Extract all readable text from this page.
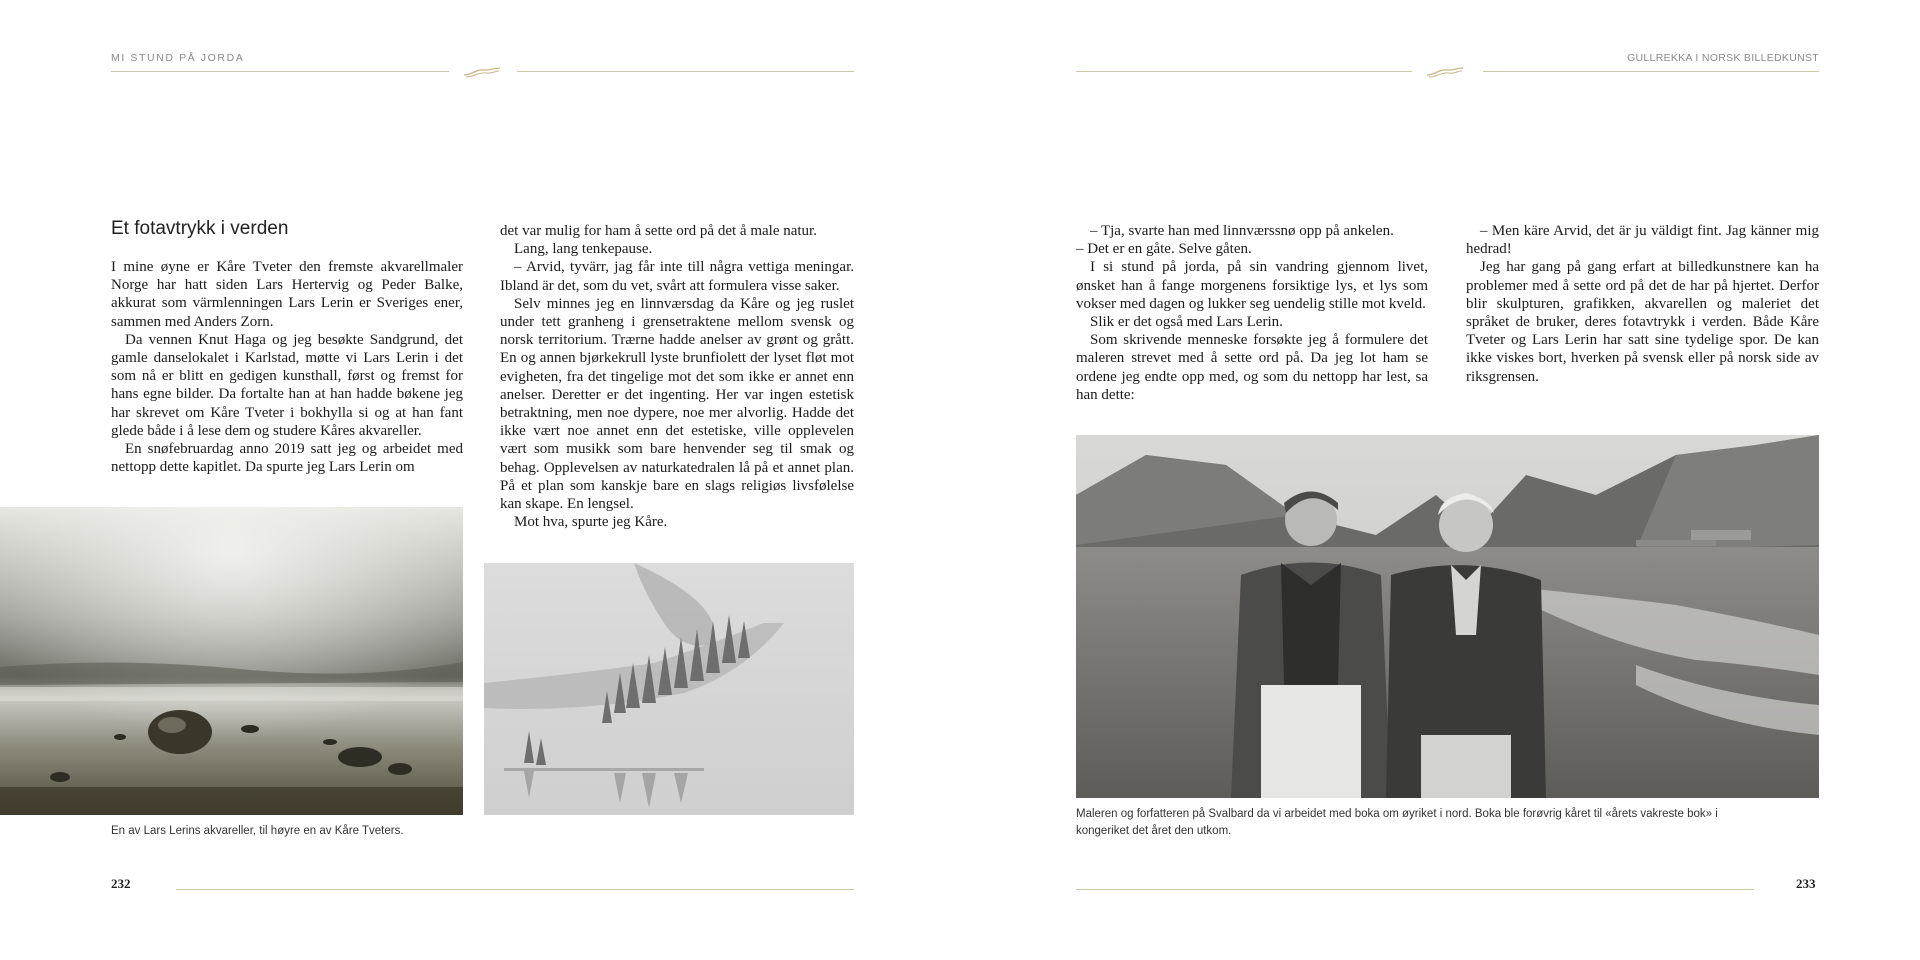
MI STUND PÅ JORDA
Et fotavtrykk i verden

I mine øyne er Kåre Tveter den fremste akvarellmaler Norge har hatt siden Lars Hertervig og Peder Balke, akkurat som värmlenningen Lars Lerin er Sveriges ener, sammen med Anders Zorn.

Da vennen Knut Haga og jeg besøkte Sandgrund, det gamle danselokalet i Karlstad, møtte vi Lars Lerin i det som nå er blitt en gedigen kunsthall, først og fremst for hans egne bilder. Da fortalte han at han hadde bøkene jeg har skrevet om Kåre Tveter i bokhylla si og at han fant glede både i å lese dem og studere Kåres akvareller.

En snøfebruardag anno 2019 satt jeg og arbeidet med nettopp dette kapitlet. Da spurte jeg Lars Lerin om

det var mulig for ham å sette ord på det å male natur.

Lang, lang tenkepause.

– Arvid, tyvärr, jag får inte till några vettiga meningar. Ibland är det, som du vet, svårt att formulera visse saker.

Selv minnes jeg en linnværsdag da Kåre og jeg ruslet under tett granheng i grensetraktene mellom svensk og norsk territorium. Trærne hadde anelser av grønt og grått. En og annen bjørkekrull lyste brunfiolett der lyset fløt mot evigheten, fra det tingelige mot det som ikke er annet enn anelser. Deretter er det ingenting. Her var ingen estetisk betraktning, men noe dypere, noe mer alvorlig. Hadde det ikke vært noe annet enn det estetiske, ville opplevelen vært som musikk som bare henvender seg til smak og behag. Opplevelsen av naturkatedralen lå på et annet plan. På et plan som kanskje bare en slags religiøs livsfølelse kan skape. En lengsel.

Mot hva, spurte jeg Kåre.

En av Lars Lerins akvareller, til høyre en av Kåre Tveters.
232
GULLREKKA I NORSK BILLEDKUNST

– Tja, svarte han med linnværssnø opp på ankelen.

– Det er en gåte. Selve gåten.

I si stund på jorda, på sin vandring gjennom livet, ønsket han å fange morgenens forsiktige lys, et lys som vokser med dagen og lukker seg uendelig stille mot kveld.

Slik er det også med Lars Lerin.

Som skrivende menneske forsøkte jeg å formulere det maleren strevet med å sette ord på. Da jeg lot ham se ordene jeg endte opp med, og som du nettopp har lest, sa han dette:

– Men käre Arvid, det är ju väldigt fint. Jag känner mig hedrad!

Jeg har gang på gang erfart at billedkunstnere kan ha problemer med å sette ord på det de har på hjertet. Derfor blir skulpturen, grafikken, akvarellen og maleriet det språket de bruker, deres fotavtrykk i verden. Både Kåre Tveter og Lars Lerin har satt sine tydelige spor. De kan ikke viskes bort, hverken på svensk eller på norsk side av riksgrensen.

Maleren og forfatteren på Svalbard da vi arbeidet med boka om øyriket i nord. Boka ble forøvrig kåret til «årets vakreste bok» i
kongeriket det året den utkom.
233
